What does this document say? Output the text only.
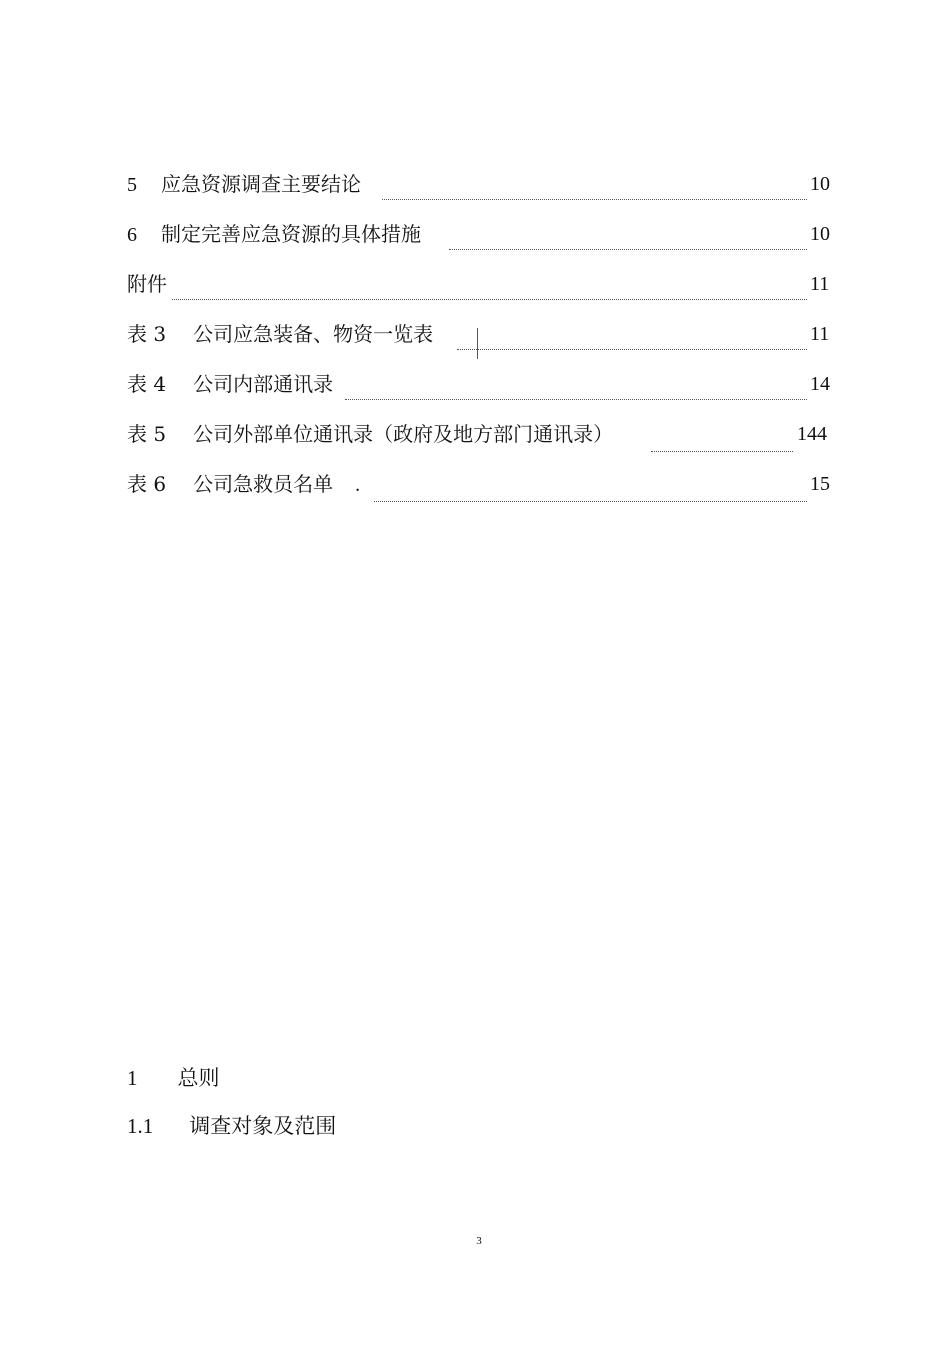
5 应急资源调查主要结论	10
6 制定完善应急资源的具体措施	10
附件	11
表 3 公司应急装备、物资一览表	11
表 4 公司内部通讯录	14
表 5 公司外部单位通讯录（政府及地方部门通讯录）	144
表 6 公司急救员名单 .	15
1 总则
1.1 调查对象及范围
3
